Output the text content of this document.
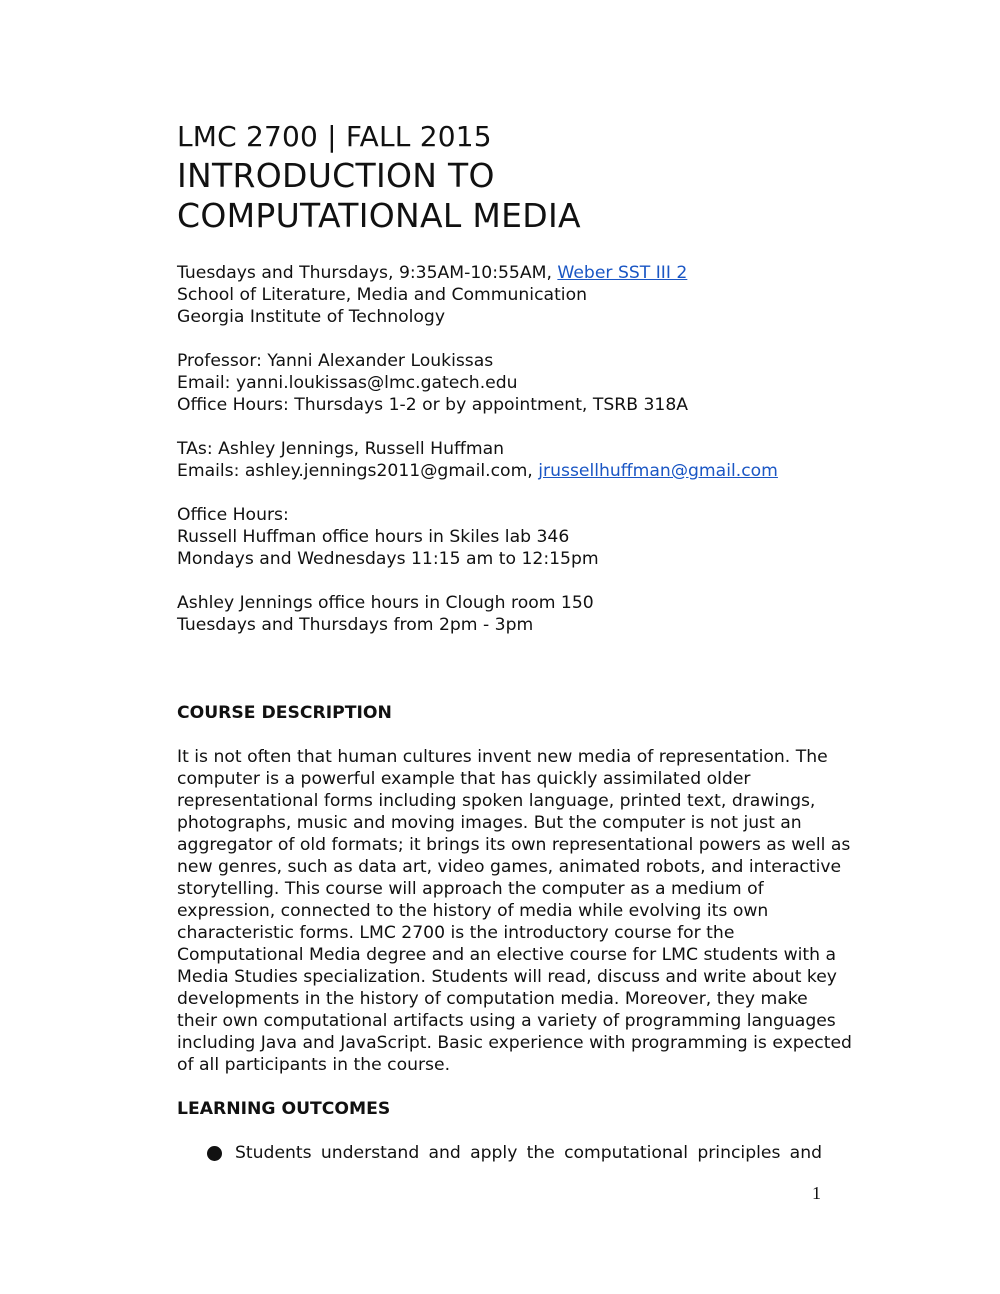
LMC 2700 | FALL 2015
INTRODUCTION TO
COMPUTATIONAL MEDIA

Tuesdays and Thursdays, 9:35AM-10:55AM, Weber SST III 2

School of Literature, Media and Communication

Georgia Institute of Technology

Professor: Yanni Alexander Loukissas

Email: yanni.loukissas@lmc.gatech.edu

Office Hours: Thursdays 1-2 or by appointment, TSRB 318A

TAs: Ashley Jennings, Russell Huffman

Emails: ashley.jennings2011@gmail.com, jrussellhuffman@gmail.com

Office Hours:

Russell Huffman office hours in Skiles lab 346

Mondays and Wednesdays 11:15 am to 12:15pm

Ashley Jennings office hours in Clough room 150

Tuesdays and Thursdays from 2pm - 3pm

COURSE DESCRIPTION
It is not often that human cultures invent new media of representation. The
computer is a powerful example that has quickly assimilated older
representational forms including spoken language, printed text, drawings,
photographs, music and moving images. But the computer is not just an
aggregator of old formats; it brings its own representational powers as well as
new genres, such as data art, video games, animated robots, and interactive
storytelling. This course will approach the computer as a medium of
expression, connected to the history of media while evolving its own
characteristic forms. LMC 2700 is the introductory course for the
Computational Media degree and an elective course for LMC students with a
Media Studies specialization. Students will read, discuss and write about key
developments in the history of computation media. Moreover, they make
their own computational artifacts using a variety of programming languages
including Java and JavaScript. Basic experience with programming is expected
of all participants in the course.
LEARNING OUTCOMES
Students understand and apply the computational principles and
1
